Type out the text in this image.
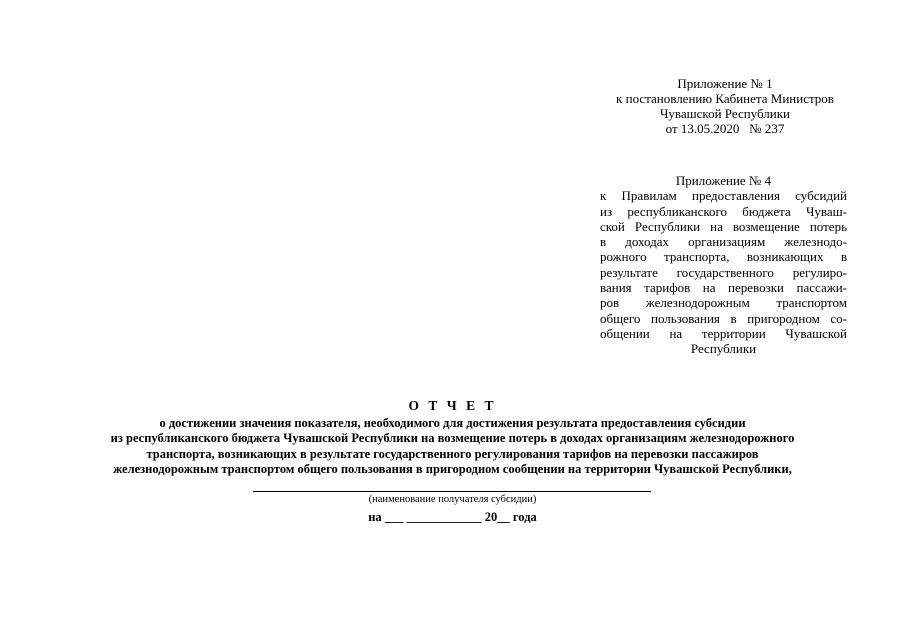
Приложение № 1
к постановлению Кабинета Министров
Чувашской Республики
от 13.05.2020   № 237
Приложение № 4
к Правилам предоставления субсидий
из республиканского бюджета Чуваш-
ской Республики на возмещение потерь
в доходах организациям железнодо-
рожного транспорта, возникающих в
результате государственного регулиро-
вания тарифов на перевозки пассажи-
ров железнодорожным транспортом
общего пользования в пригородном со-
общении на территории Чувашской
Республики
О Т Ч Е Т
о достижении значения показателя, необходимого для достижения результата предоставления субсидии
из республиканского бюджета Чувашской Республики на возмещение потерь в доходах организациям железнодорожного
транспорта, возникающих в результате государственного регулирования тарифов на перевозки пассажиров
железнодорожным транспортом общего пользования в пригородном сообщении на территории Чувашской Республики,
(наименование получателя субсидии)
на ___ ____________ 20__ года
